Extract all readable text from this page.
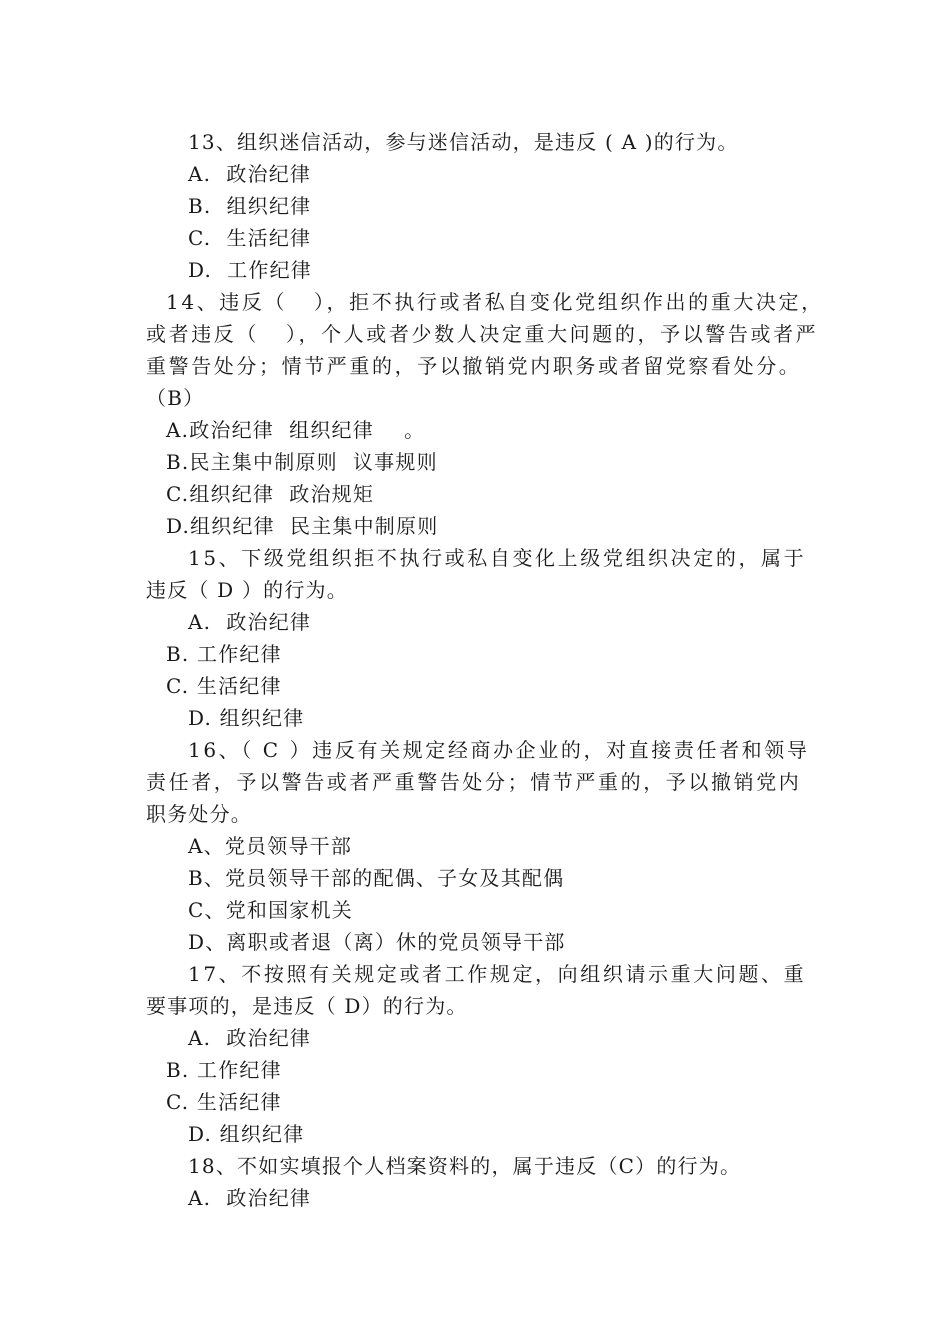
13、组织迷信活动，参与迷信活动，是违反 ( A )的行为。
A.  政治纪律
B.  组织纪律
C.  生活纪律
D.  工作纪律
14、违反（   ），拒不执行或者私自变化党组织作出的重大决定，
或者违反（   ），个人或者少数人决定重大问题的，予以警告或者严
重警告处分；情节严重的，予以撤销党内职务或者留党察看处分。
（B）
A.政治纪律  组织纪律    。
B.民主集中制原则  议事规则
C.组织纪律  政治规矩
D.组织纪律  民主集中制原则
15、下级党组织拒不执行或私自变化上级党组织决定的，属于
违反（ D ）的行为。
A.  政治纪律
B. 工作纪律
C. 生活纪律
D. 组织纪律
16、（ C ）违反有关规定经商办企业的，对直接责任者和领导
责任者，予以警告或者严重警告处分；情节严重的，予以撤销党内
职务处分。
A、党员领导干部
B、党员领导干部的配偶、子女及其配偶
C、党和国家机关
D、离职或者退（离）休的党员领导干部
17、不按照有关规定或者工作规定，向组织请示重大问题、重
要事项的，是违反（ D）的行为。
A.  政治纪律
B. 工作纪律
C. 生活纪律
D. 组织纪律
18、不如实填报个人档案资料的，属于违反（C）的行为。
A.  政治纪律
